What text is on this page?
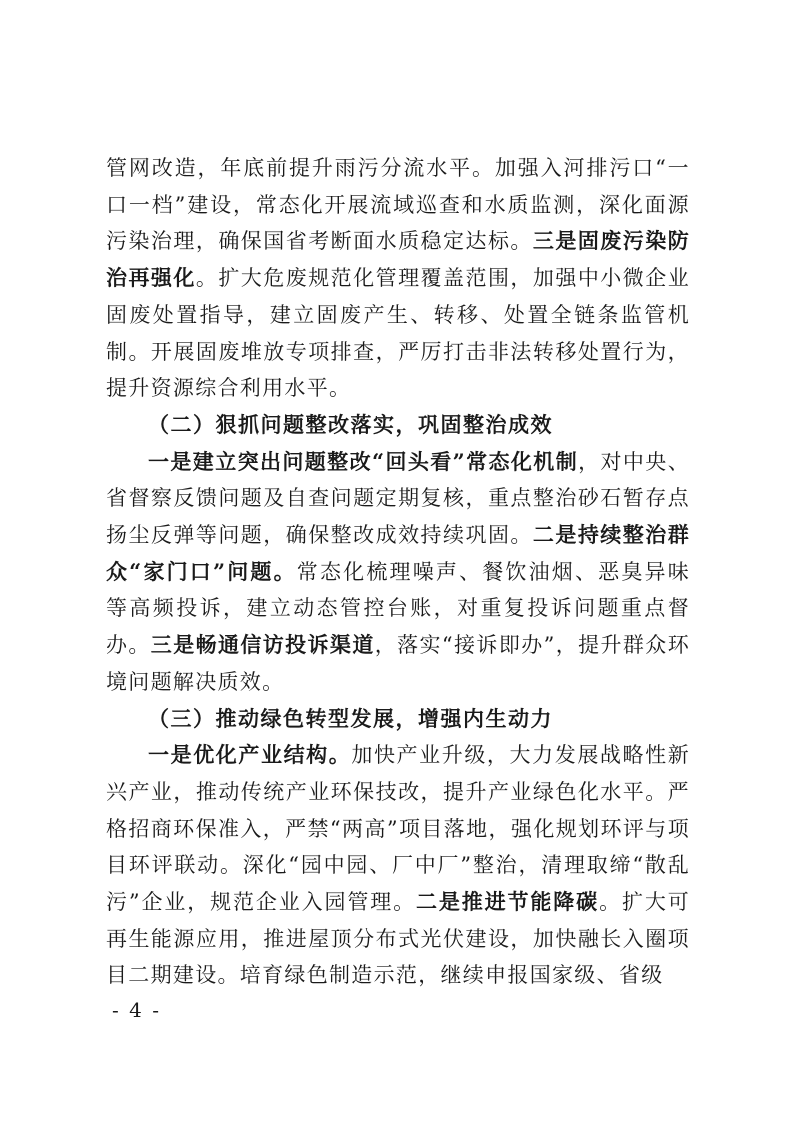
管网改造，年底前提升雨污分流水平。加强入河排污口“一口一档”建设，常态化开展流域巡查和水质监测，深化面源污染治理，确保国省考断面水质稳定达标。三是固废污染防治再强化。扩大危废规范化管理覆盖范围，加强中小微企业固废处置指导，建立固废产生、转移、处置全链条监管机制。开展固废堆放专项排查，严厉打击非法转移处置行为，提升资源综合利用水平。

（二）狠抓问题整改落实，巩固整治成效

一是建立突出问题整改“回头看”常态化机制，对中央、省督察反馈问题及自查问题定期复核，重点整治砂石暂存点扬尘反弹等问题，确保整改成效持续巩固。二是持续整治群众“家门口”问题。常态化梳理噪声、餐饮油烟、恶臭异味等高频投诉，建立动态管控台账，对重复投诉问题重点督办。三是畅通信访投诉渠道，落实“接诉即办”，提升群众环境问题解决质效。

（三）推动绿色转型发展，增强内生动力

一是优化产业结构。加快产业升级，大力发展战略性新兴产业，推动传统产业环保技改，提升产业绿色化水平。严格招商环保准入，严禁“两高”项目落地，强化规划环评与项目环评联动。深化“园中园、厂中厂”整治，清理取缔“散乱污”企业，规范企业入园管理。二是推进节能降碳。扩大可再生能源应用，推进屋顶分布式光伏建设，加快融长入圈项目二期建设。培育绿色制造示范，继续申报国家级、省级

- 4 -
